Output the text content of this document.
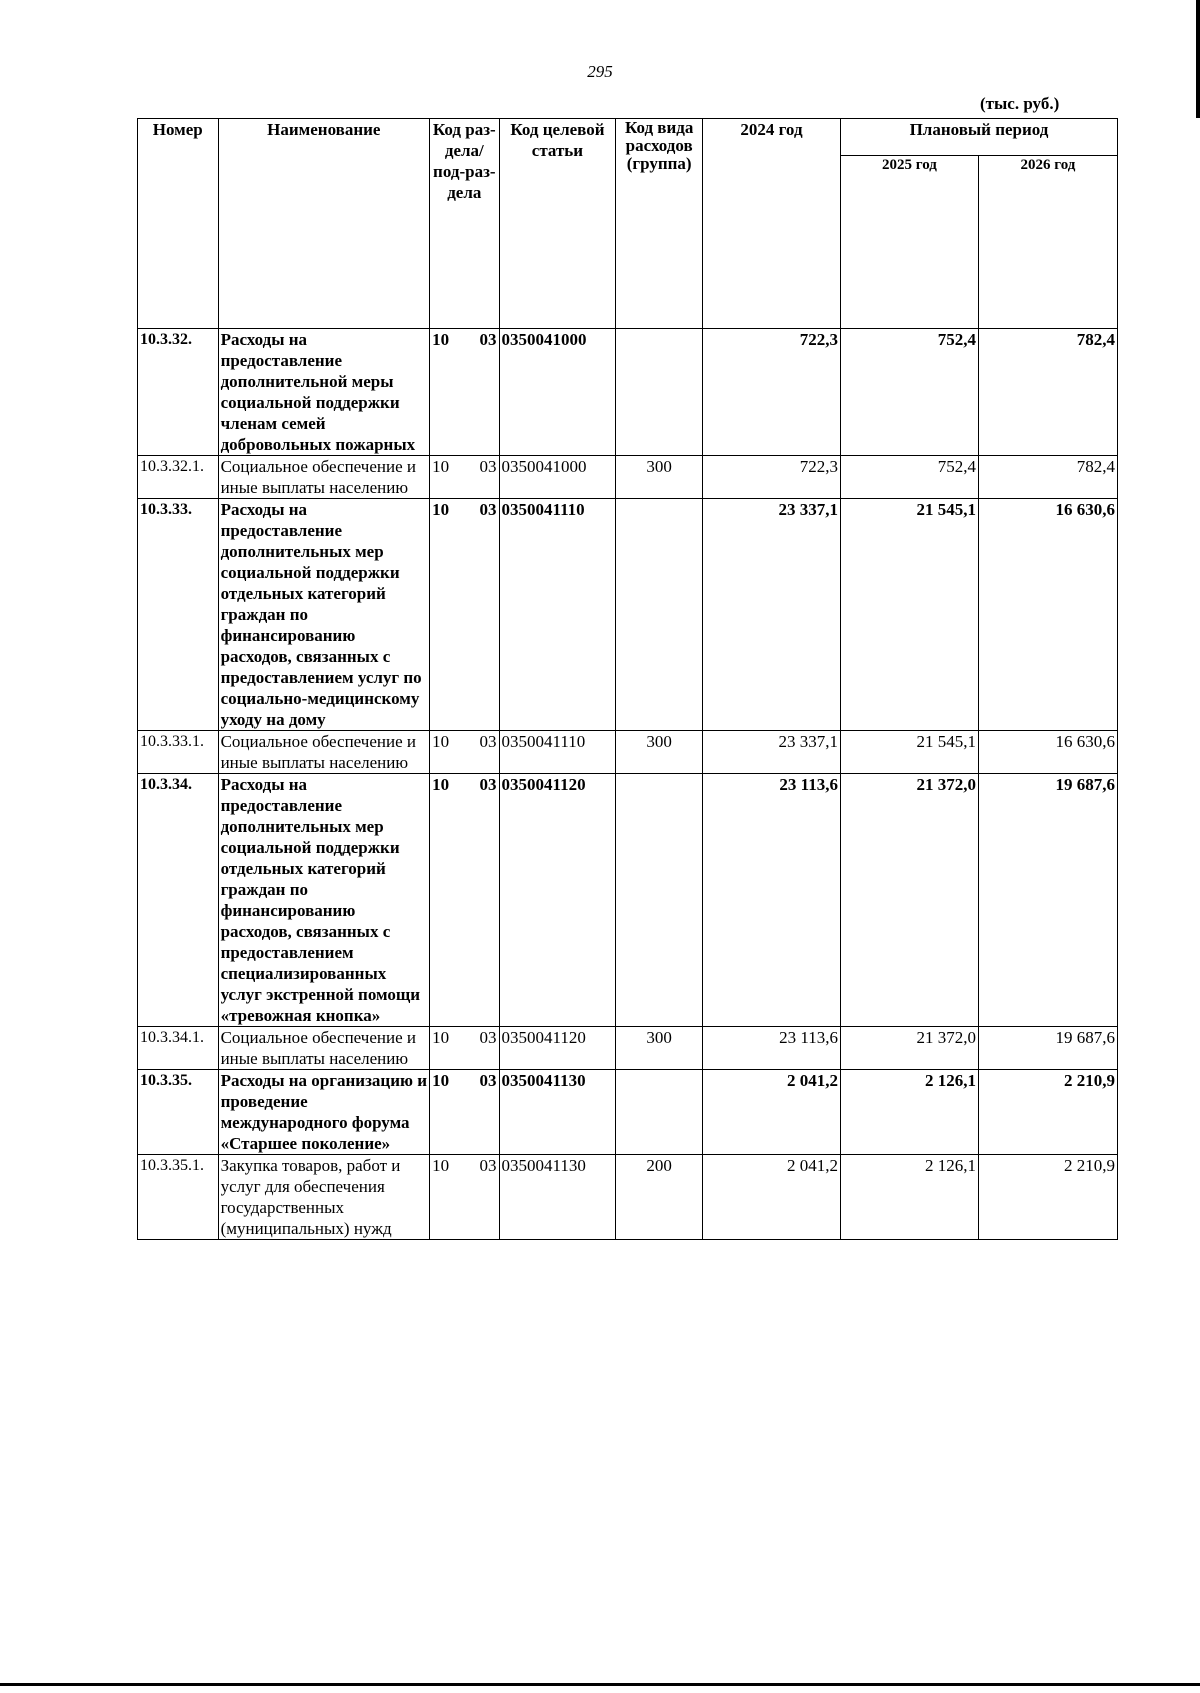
295
(тыс. руб.)
Номер	Наименование	Код раз-дела/ под-раз-дела	Код целевой статьи	Код вида расходов (группа)	2024 год	Плановый период	
						2025 год	2026 год
10.3.32.	Расходы на предоставление дополнительной меры социальной поддержки членам семей добровольных пожарных	10 03	0350041000		722,3	752,4	782,4
10.3.32.1.	Социальное обеспечение и иные выплаты населению	10 03	0350041000	300	722,3	752,4	782,4
10.3.33.	Расходы на предоставление дополнительных мер социальной поддержки отдельных категорий граждан по финансированию расходов, связанных с предоставлением услуг по социально-медицинскому уходу на дому	10 03	0350041110		23 337,1	21 545,1	16 630,6
10.3.33.1.	Социальное обеспечение и иные выплаты населению	10 03	0350041110	300	23 337,1	21 545,1	16 630,6
10.3.34.	Расходы на предоставление дополнительных мер социальной поддержки отдельных категорий граждан по финансированию расходов, связанных с предоставлением специализированных услуг экстренной помощи «тревожная кнопка»	10 03	0350041120		23 113,6	21 372,0	19 687,6
10.3.34.1.	Социальное обеспечение и иные выплаты населению	10 03	0350041120	300	23 113,6	21 372,0	19 687,6
10.3.35.	Расходы на организацию и проведение международного форума «Старшее поколение»	10 03	0350041130		2 041,2	2 126,1	2 210,9
10.3.35.1.	Закупка товаров, работ и услуг для обеспечения государственных (муниципальных) нужд	10 03	0350041130	200	2 041,2	2 126,1	2 210,9
